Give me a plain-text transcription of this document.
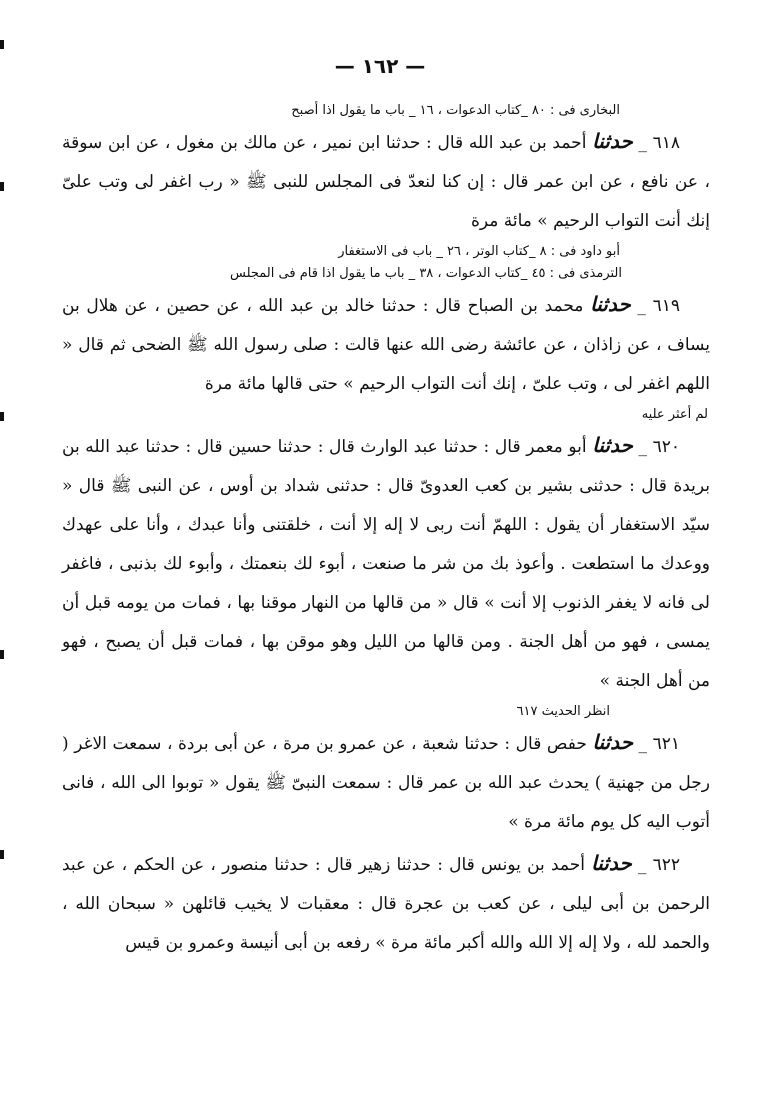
— ١٦٢ —
البخارى فى : ٨٠ _كتاب الدعوات ، ١٦ _ باب ما يقول اذا أصبح

٦١٨ _ حدثنا أحمد بن عبد الله قال : حدثنا ابن نمير ، عن مالك بن مغول ، عن ابن سوقة ، عن نافع ، عن ابن عمر قال : إن كنا لنعدّ فى المجلس للنبى ﷺ « رب اغفر لى وتب علىّ إنك أنت التواب الرحيم » مائة مرة

أبو داود فى : ٨ _كتاب الوتر ، ٢٦ _ باب فى الاستغفار
الترمذى فى : ٤٥ _كتاب الدعوات ، ٣٨ _ باب ما يقول اذا قام فى المجلس

٦١٩ _ حدثنا محمد بن الصباح قال : حدثنا خالد بن عبد الله ، عن حصين ، عن هلال بن يساف ، عن زاذان ، عن عائشة رضى الله عنها قالت : صلى رسول الله ﷺ الضحى ثم قال « اللهم اغفر لى ، وتب علىّ ، إنك أنت التواب الرحيم » حتى قالها مائة مرة

لم أعثر عليه

٦٢٠ _ حدثنا أبو معمر قال : حدثنا عبد الوارث قال : حدثنا حسين قال : حدثنا عبد الله بن بريدة قال : حدثنى بشير بن كعب العدوىّ قال : حدثنى شداد بن أوس ، عن النبى ﷺ قال « سيّد الاستغفار أن يقول : اللهمّ أنت ربى لا إله إلا أنت ، خلقتنى وأنا عبدك ، وأنا على عهدك ووعدك ما استطعت . وأعوذ بك من شر ما صنعت ، أبوء لك بنعمتك ، وأبوء لك بذنبى ، فاغفر لى فانه لا يغفر الذنوب إلا أنت » قال « من قالها من النهار موقنا بها ، فمات من يومه قبل أن يمسى ، فهو من أهل الجنة . ومن قالها من الليل وهو موقن بها ، فمات قبل أن يصبح ، فهو من أهل الجنة »

انظر الحديث ٦١٧

٦٢١ _ حدثنا حفص قال : حدثنا شعبة ، عن عمرو بن مرة ، عن أبى بردة ، سمعت الاغر ( رجل من جهنية ) يحدث عبد الله بن عمر قال : سمعت النبىّ ﷺ يقول « توبوا الى الله ، فانى أتوب اليه كل يوم مائة مرة »

٦٢٢ _ حدثنا أحمد بن يونس قال : حدثنا زهير قال : حدثنا منصور ، عن الحكم ، عن عبد الرحمن بن أبى ليلى ، عن كعب بن عجرة قال : معقبات لا يخيب قائلهن « سبحان الله ، والحمد لله ، ولا إله إلا الله والله أكبر مائة مرة » رفعه بن أبى أنيسة وعمرو بن قيس
